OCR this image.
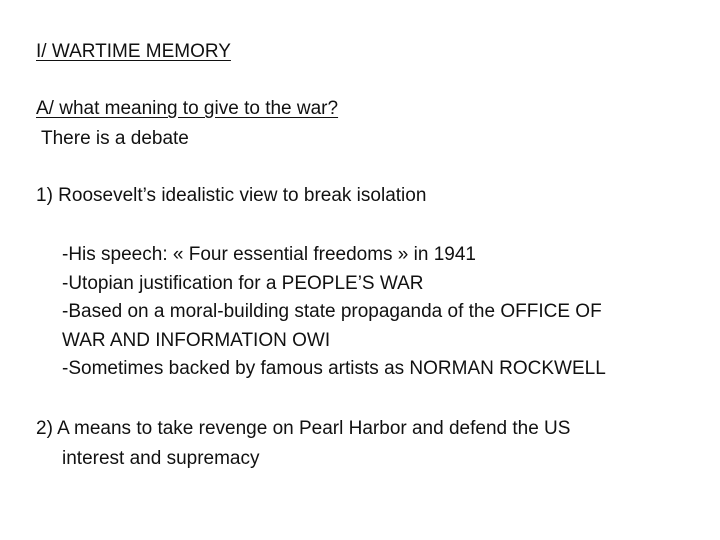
I/ WARTIME MEMORY

A/ what meaning to give to the war?

There is a debate

1) Roosevelt’s idealistic view to break isolation

-His speech: « Four essential freedoms » in 1941

-Utopian justification for a PEOPLE’S WAR

-Based on a moral-building state propaganda of the OFFICE OF

WAR AND INFORMATION OWI

-Sometimes backed by famous artists as NORMAN ROCKWELL

2) A means to take revenge on Pearl Harbor and defend the US
interest and supremacy
